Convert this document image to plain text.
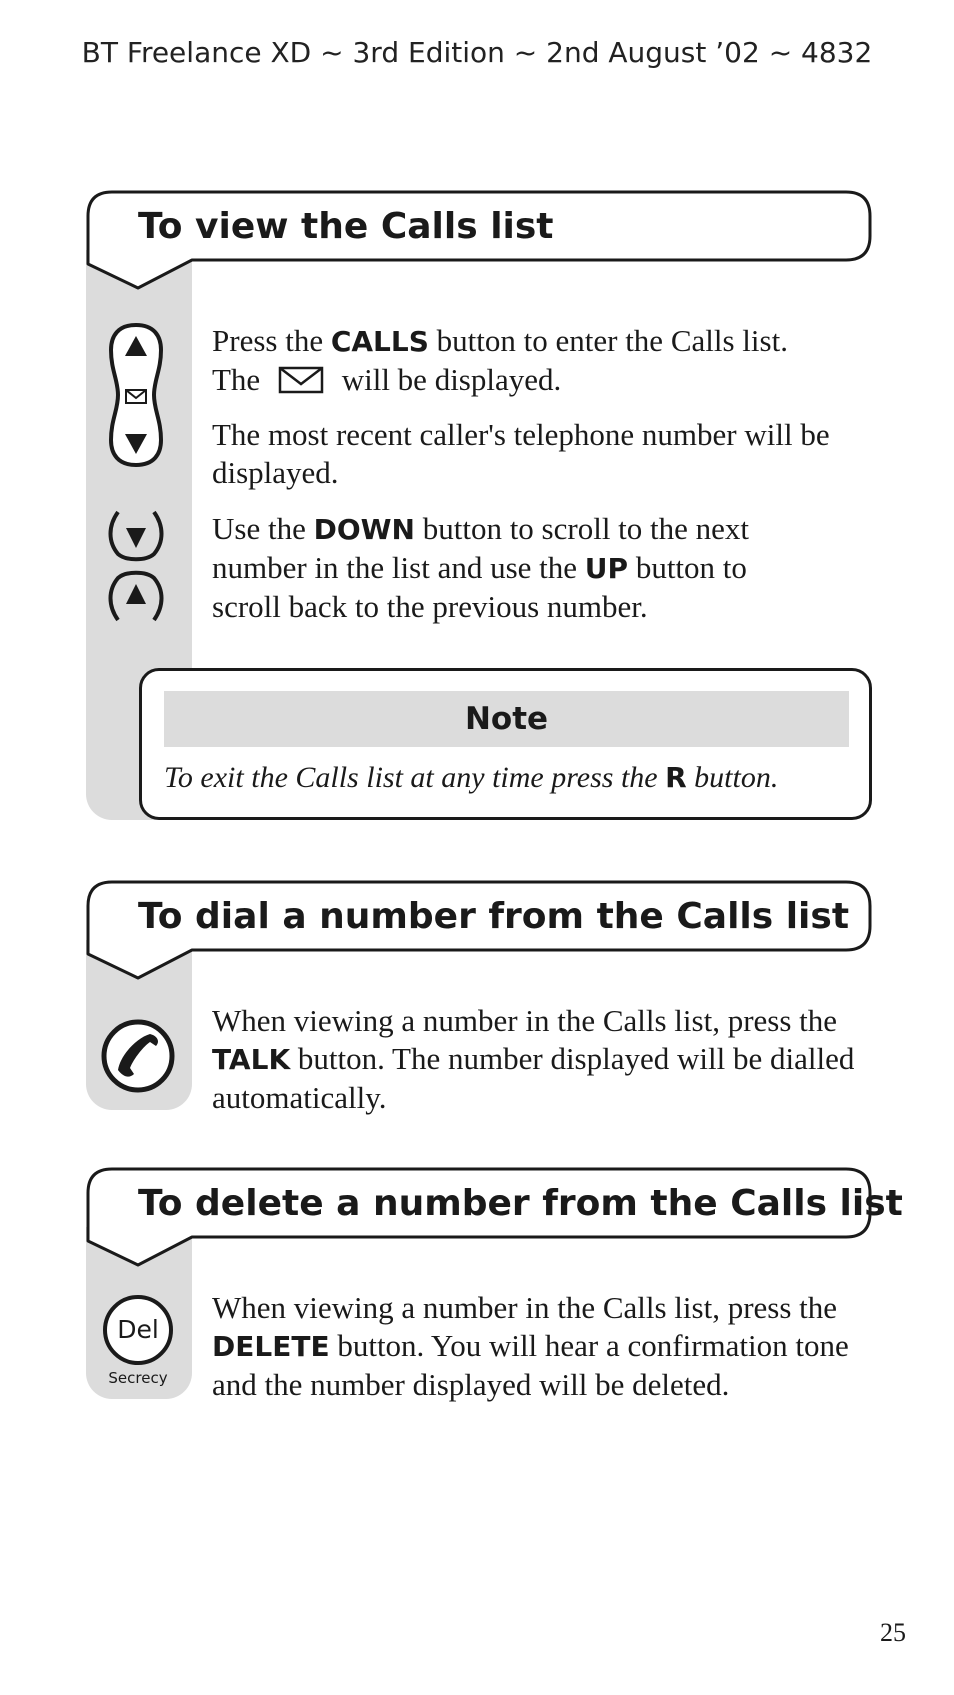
BT Freelance XD ~ 3rd Edition ~ 2nd August ’02 ~ 4832
To view the Calls list

Press the CALLS button to enter the Calls list.
The  will be displayed.

The most recent caller's telephone number will be displayed.

Use the DOWN button to scroll to the next number in the list and use the UP button to scroll back to the previous number.

Note
To exit the Calls list at any time press the R button.
To dial a number from the Calls list

When viewing a number in the Calls list, press the TALK button. The number displayed will be dialled automatically.

To delete a number from the Calls list
Del
Secrecy

When viewing a number in the Calls list, press the DELETE button. You will hear a confirmation tone and the number displayed will be deleted.

25
